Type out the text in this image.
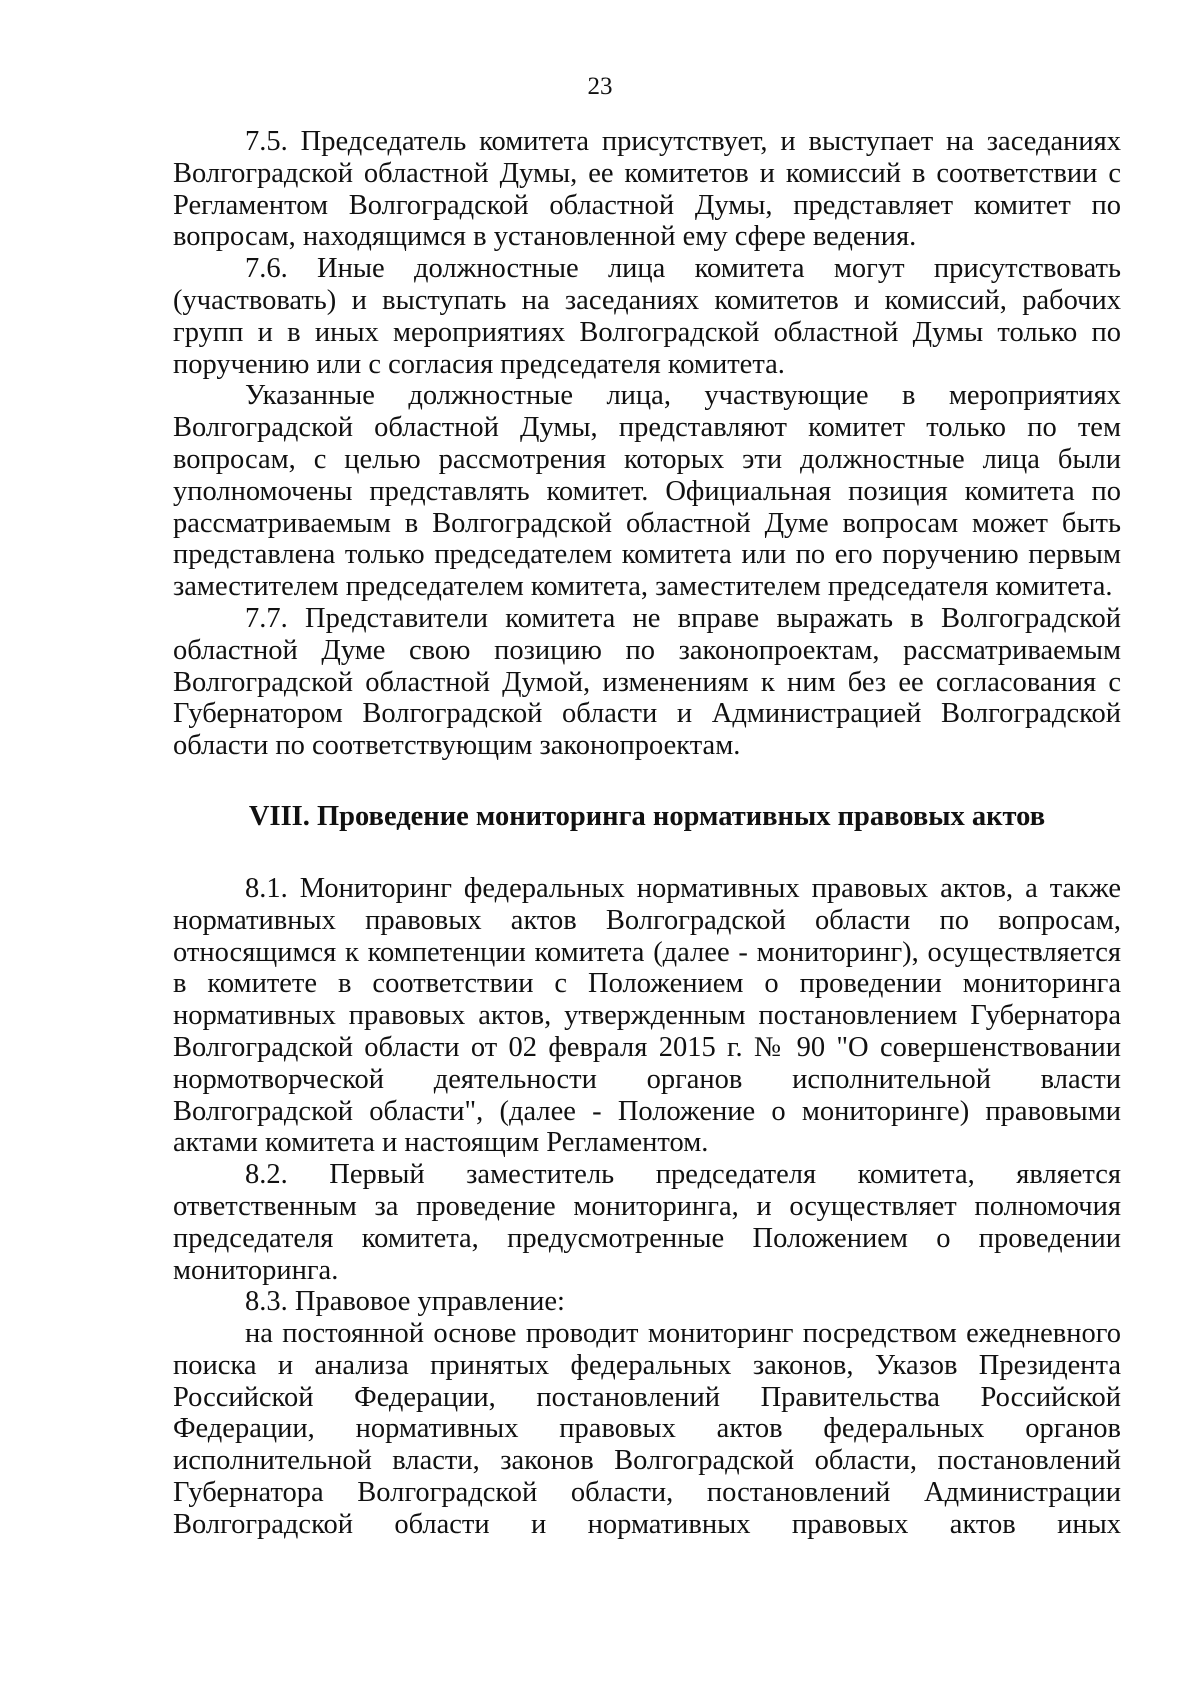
23

7.5. Председатель комитета присутствует, и выступает на заседаниях Волгоградской областной Думы, ее комитетов и комиссий в соответствии с Регламентом Волгоградской областной Думы, представляет комитет по вопросам, находящимся в установленной ему сфере ведения.

7.6. Иные должностные лица комитета могут присутствовать (участвовать) и выступать на заседаниях комитетов и комиссий, рабочих групп и в иных мероприятиях Волгоградской областной Думы только по поручению или с согласия председателя комитета.

Указанные должностные лица, участвующие в мероприятиях Волгоградской областной Думы, представляют комитет только по тем вопросам, с целью рассмотрения которых эти должностные лица были уполномочены представлять комитет. Официальная позиция комитета по рассматриваемым в Волгоградской областной Думе вопросам может быть представлена только председателем комитета или по его поручению первым заместителем председателем комитета, заместителем председателя комитета.

7.7. Представители комитета не вправе выражать в Волгоградской областной Думе свою позицию по законопроектам, рассматриваемым Волгоградской областной Думой, изменениям к ним без ее согласования с Губернатором Волгоградской области и Администрацией Волгоградской области по соответствующим законопроектам.

VIII. Проведение мониторинга нормативных правовых актов

8.1. Мониторинг федеральных нормативных правовых актов, а также нормативных правовых актов Волгоградской области по вопросам, относящимся к компетенции комитета (далее - мониторинг), осуществляется в комитете в соответствии с Положением о проведении мониторинга нормативных правовых актов, утвержденным постановлением Губернатора Волгоградской области от 02 февраля 2015 г. № 90 "О совершенствовании нормотворческой деятельности органов исполнительной власти Волгоградской области", (далее - Положение о мониторинге) правовыми актами комитета и настоящим Регламентом.

8.2. Первый заместитель председателя комитета, является ответственным за проведение мониторинга, и осуществляет полномочия председателя комитета, предусмотренные Положением о проведении мониторинга.

8.3. Правовое управление:

на постоянной основе проводит мониторинг посредством ежедневного поиска и анализа принятых федеральных законов, Указов Президента Российской Федерации, постановлений Правительства Российской Федерации, нормативных правовых актов федеральных органов исполнительной власти, законов Волгоградской области, постановлений Губернатора Волгоградской области, постановлений Администрации Волгоградской области и нормативных правовых актов иных
